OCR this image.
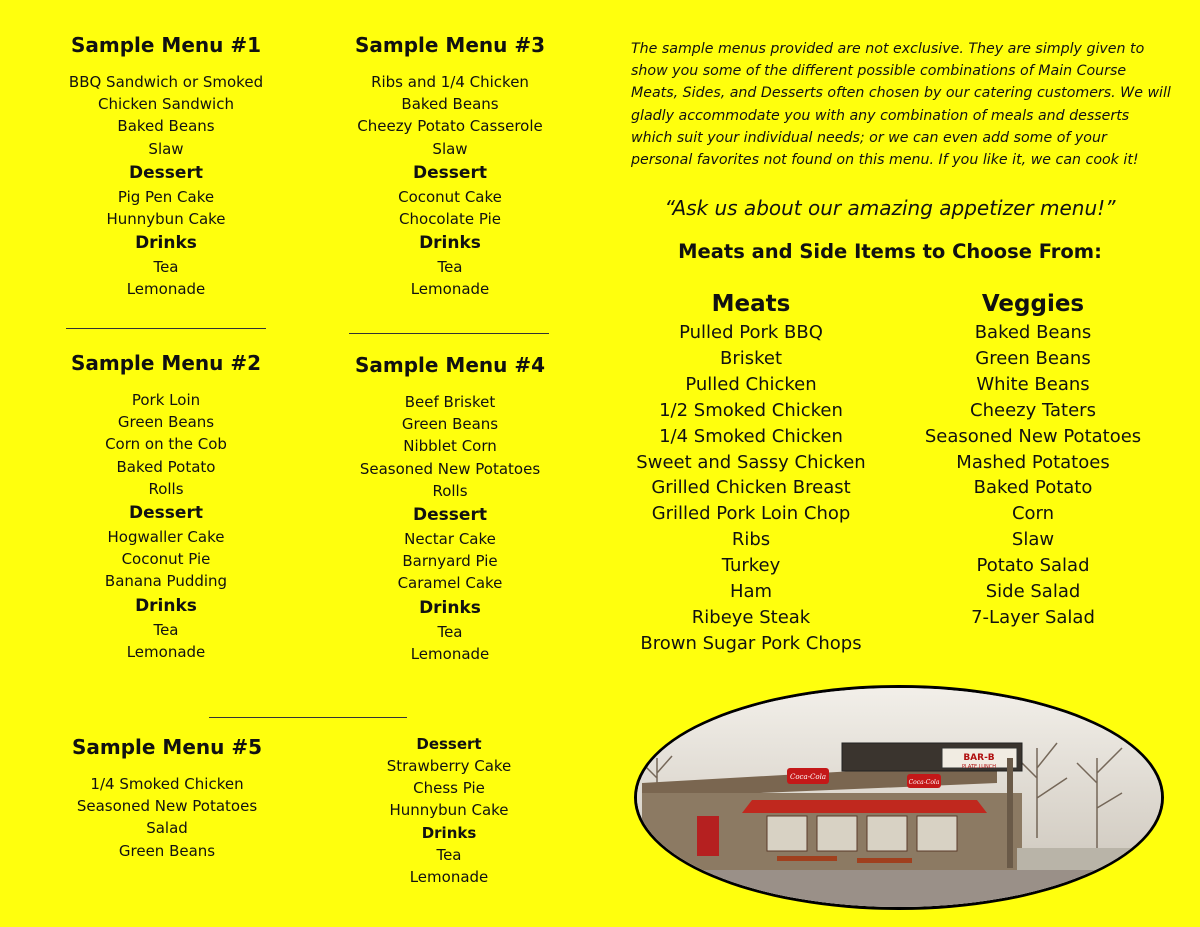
Sample Menu #1
BBQ Sandwich or Smoked
Chicken Sandwich
Baked Beans
Slaw
Dessert
Pig Pen Cake
Hunnybun Cake
Drinks
Tea
Lemonade
Sample Menu #2
Pork Loin
Green Beans
Corn on the Cob
Baked Potato
Rolls
Dessert
Hogwaller Cake
Coconut Pie
Banana Pudding
Drinks
Tea
Lemonade
Sample Menu #3
Ribs and 1/4 Chicken
Baked Beans
Cheezy Potato Casserole
Slaw
Dessert
Coconut Cake
Chocolate Pie
Drinks
Tea
Lemonade
Sample Menu #4
Beef Brisket
Green Beans
Nibblet Corn
Seasoned New Potatoes
Rolls
Dessert
Nectar Cake
Barnyard Pie
Caramel Cake
Drinks
Tea
Lemonade
Sample Menu #5
1/4 Smoked Chicken
Seasoned New Potatoes
Salad
Green Beans
Dessert
Strawberry Cake
Chess Pie
Hunnybun Cake
Drinks
Tea
Lemonade
The sample menus provided are not exclusive. They are simply given to show you some of the different possible combinations of Main Course Meats, Sides, and Desserts often chosen by our catering customers. We will gladly accommodate you with any combination of meals and desserts which suit your individual needs; or we can even add some of your personal favorites not found on this menu. If you like it, we can cook it!
“Ask us about our amazing appetizer menu!”
Meats and Side Items to Choose From:
Meats
Pulled Pork BBQ
Brisket
Pulled Chicken
1/2 Smoked Chicken
1/4 Smoked Chicken
Sweet and Sassy Chicken
Grilled Chicken Breast
Grilled Pork Loin Chop
Ribs
Turkey
Ham
Ribeye Steak
Brown Sugar Pork Chops
Veggies
Baked Beans
Green Beans
White Beans
Cheezy Taters
Seasoned New Potatoes
Mashed Potatoes
Baked Potato
Corn
Slaw
Potato Salad
Side Salad
7-Layer Salad
BAR-B
PLATE LUNCH
Coca-Cola
Coca-Cola
